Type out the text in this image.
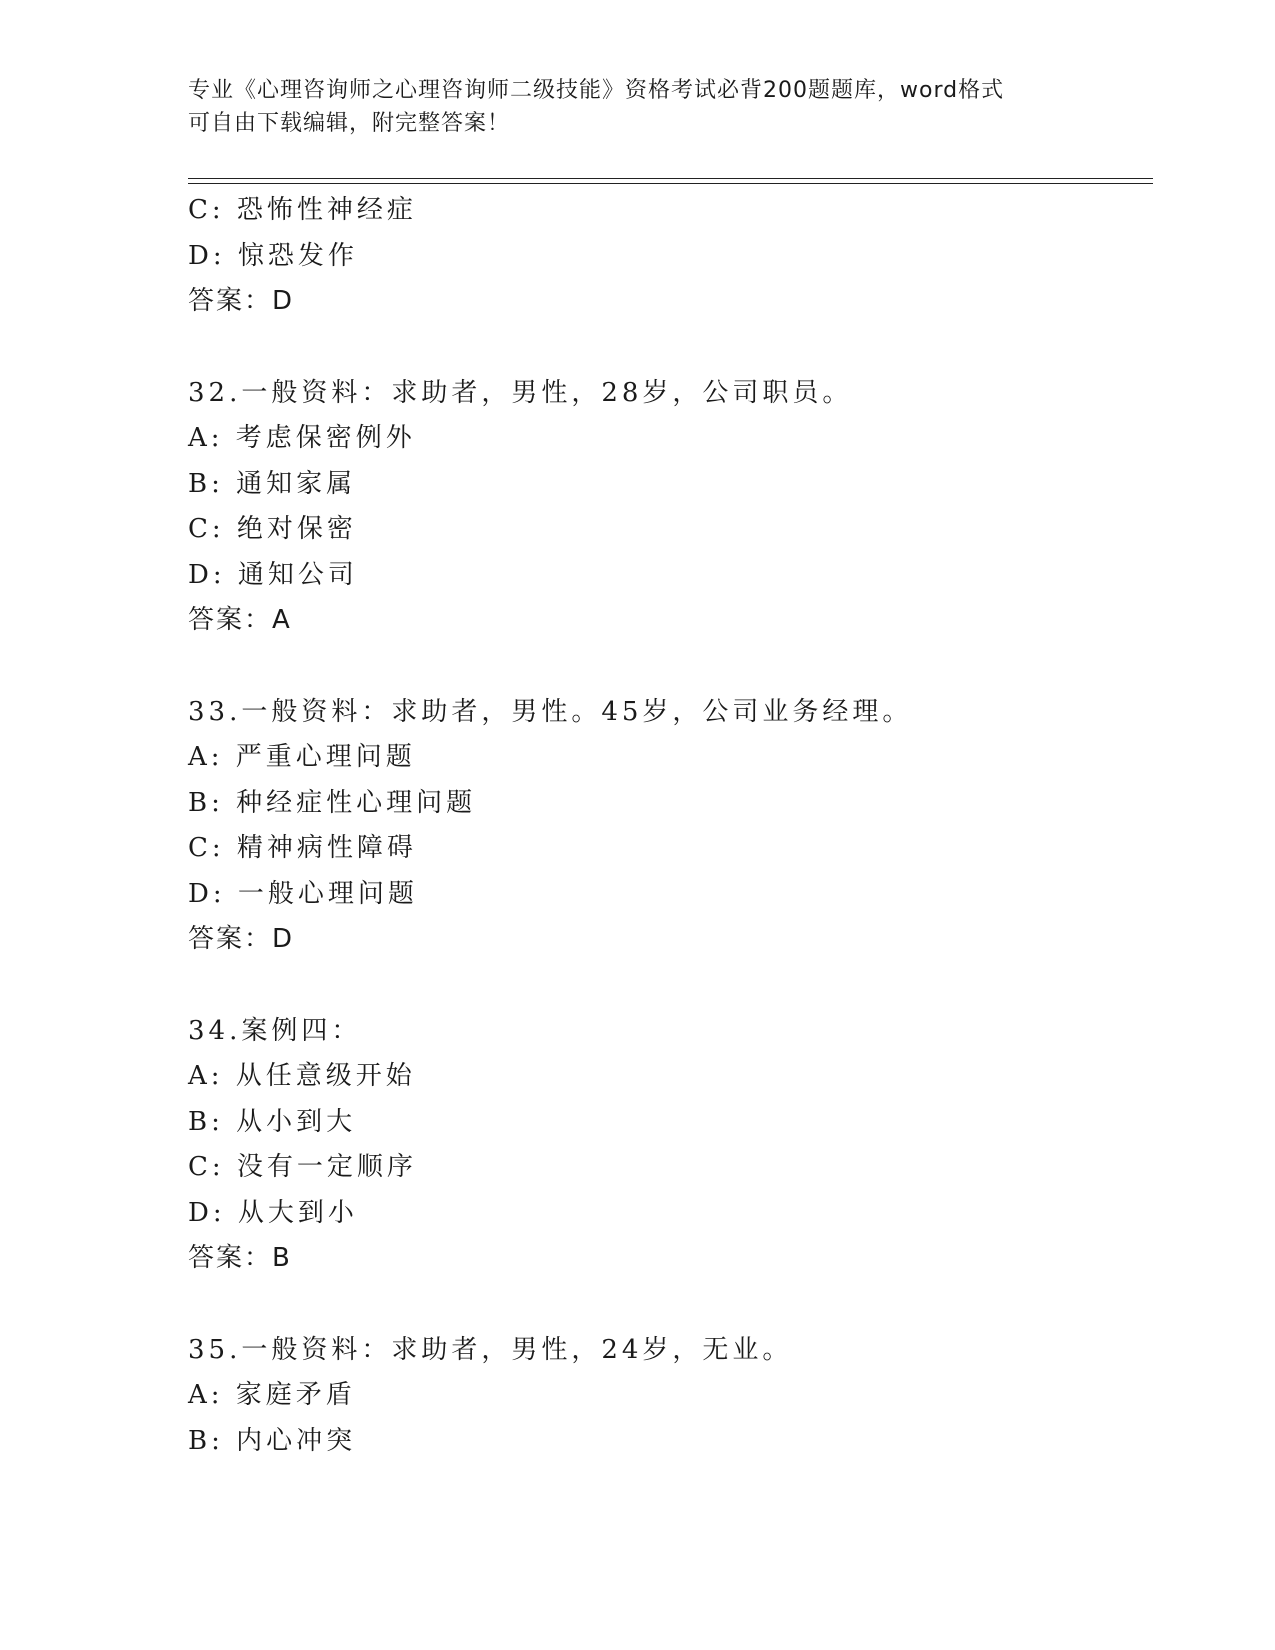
专业《心理咨询师之心理咨询师二级技能》资格考试必背200题题库，word格式
可自由下载编辑，附完整答案！
C: 恐怖性神经症
D: 惊恐发作
答案：D
32.一般资料：求助者，男性，28岁，公司职员。
A: 考虑保密例外
B: 通知家属
C: 绝对保密
D: 通知公司
答案：A
33.一般资料：求助者，男性。45岁，公司业务经理。
A: 严重心理问题
B: 种经症性心理问题
C: 精神病性障碍
D: 一般心理问题
答案：D
34.案例四：
A: 从任意级开始
B: 从小到大
C: 没有一定顺序
D: 从大到小
答案：B
35.一般资料：求助者，男性，24岁，无业。
A: 家庭矛盾
B: 内心冲突
